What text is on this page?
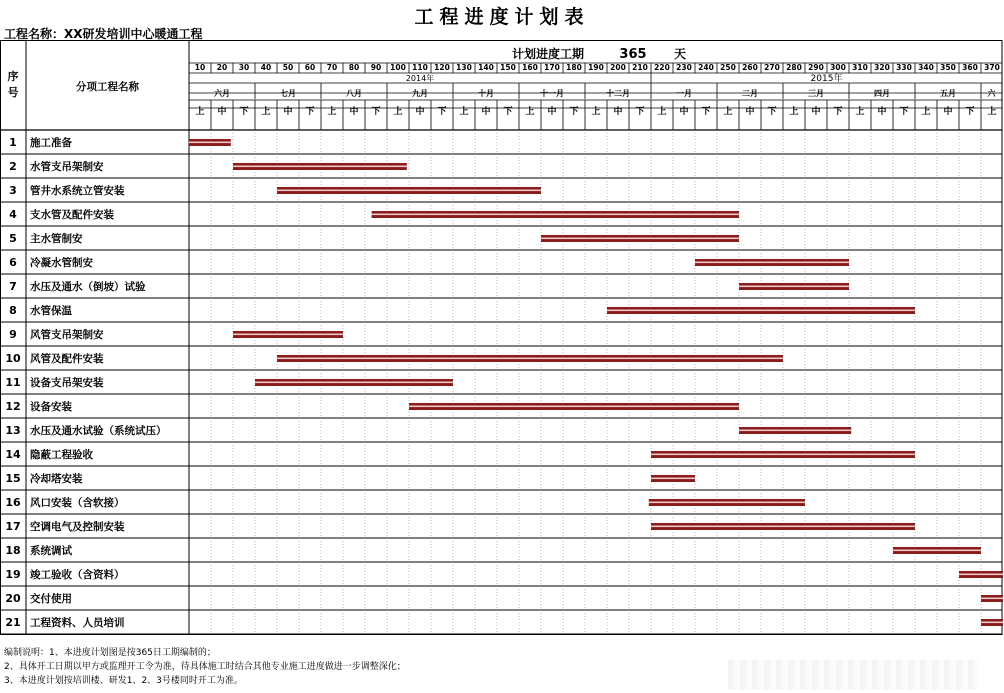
工程进度计划表
工程名称：XX研发培训中心暖通工程
10 20 30 40 50 60 70 80 90 100 110 120 130 140 150 160 170 180 190 200 210 220 230 240 250 260 270 280 290 300 310 320 330 340 350 360 370
2014年	2015年
六月	七月	八月	九月	十月	十一月	十二月	一月	二月	三月	四月	五月	六
上 中 下 上 中 下 上 中 下 上 中 下 上 中 下 上 中 下 上 中 下 上 中 下 上 中 下 上 中 下 上 中 下 上 中 下 上
序
号	分项工程名称
计划进度工期	365 天
1 施工准备
2 水管支吊架制安
3 管井水系统立管安装
4 支水管及配件安装
5 主水管制安
6 冷凝水管制安
7 水压及通水（倒坡）试验
8 水管保温
9 风管支吊架制安
10 风管及配件安装
11 设备支吊架安装
12 设备安装
13 水压及通水试验（系统试压）
14 隐蔽工程验收
15 冷却塔安装
16 风口安装（含软接）
17 空调电气及控制安装
18 系统调试
19 竣工验收（含资料）
20 交付使用
21 工程资料、人员培训
编制说明：1、本进度计划图是按365日工期编制的；
2、具体开工日期以甲方或监理开工令为准，待具体施工时结合其他专业施工进度做进一步调整深化；
3、本进度计划按培训楼、研发1、2、3号楼同时开工为准。
